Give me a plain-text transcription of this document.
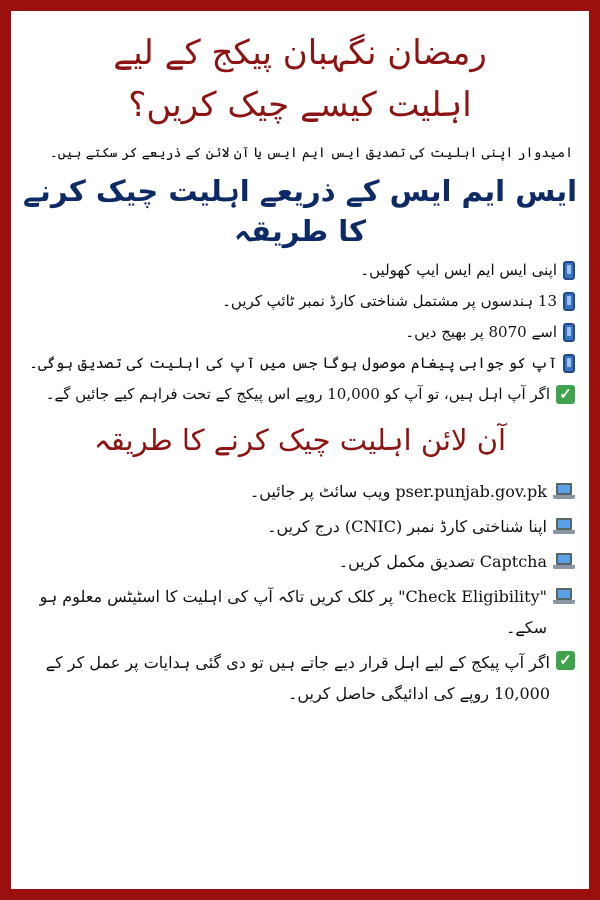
رمضان نگہبان پیکج کے لیے
اہلیت کیسے چیک کریں؟

امیدوار اپنی اہلیت کی تصدیق ایس ایم ایس یا آن لائن کے ذریعے کر سکتے ہیں۔

ایس ایم ایس کے ذریعے اہلیت چیک کرنے کا طریقہ
اپنی ایس ایم ایس ایپ کھولیں۔
13 ہندسوں پر مشتمل شناختی کارڈ نمبر ٹائپ کریں۔
اسے 8070 پر بھیج دیں۔
آپ کو جوابی پیغام موصول ہوگا جس میں آپ کی اہلیت کی تصدیق ہوگی۔
✓
اگر آپ اہل ہیں، تو آپ کو 10,000 روپے اس پیکج کے تحت فراہم کیے جائیں گے۔
آن لائن اہلیت چیک کرنے کا طریقہ
pser.punjab.gov.pk ویب سائٹ پر جائیں۔
اپنا شناختی کارڈ نمبر (CNIC) درج کریں۔
Captcha تصدیق مکمل کریں۔
"Check Eligibility" پر کلک کریں تاکہ آپ کی اہلیت کا اسٹیٹس معلوم ہو سکے۔
✓
اگر آپ پیکج کے لیے اہل قرار دیے جاتے ہیں تو دی گئی ہدایات پر عمل کر کے 10,000 روپے کی ادائیگی حاصل کریں۔
